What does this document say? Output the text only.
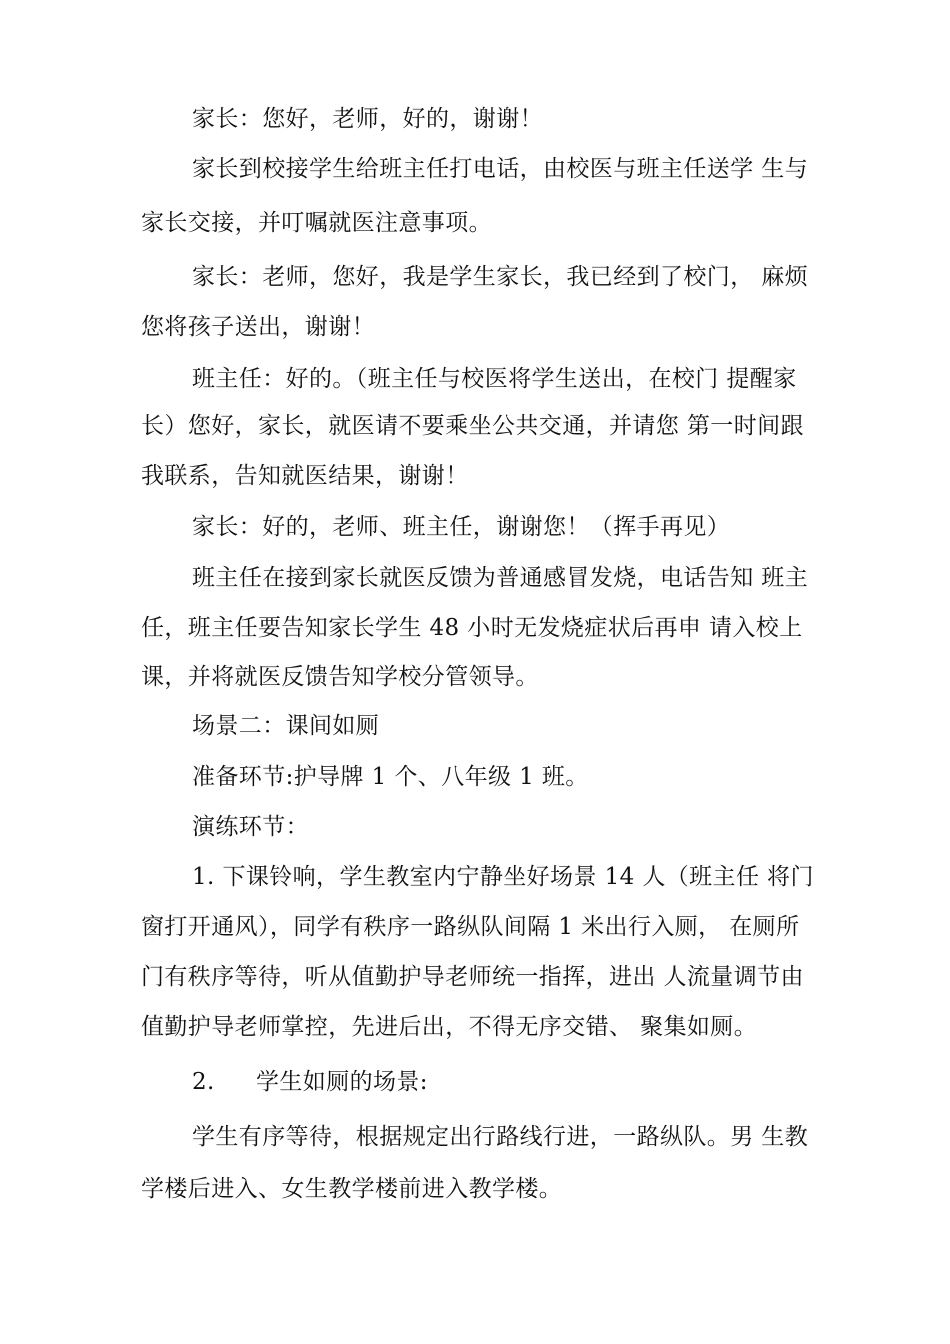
家长：您好，老师，好的，谢谢！
家长到校接学生给班主任打电话，由校医与班主任送学 生与
家长交接，并叮嘱就医注意事项。
家长：老师，您好，我是学生家长，我已经到了校门， 麻烦
您将孩子送出，谢谢！
班主任：好的。（班主任与校医将学生送出，在校门 提醒家
长）您好，家长，就医请不要乘坐公共交通，并请您 第一时间跟
我联系，告知就医结果，谢谢！
家长：好的，老师、班主任，谢谢您！（挥手再见）
班主任在接到家长就医反馈为普通感冒发烧，电话告知 班主
任，班主任要告知家长学生 48 小时无发烧症状后再申 请入校上
课，并将就医反馈告知学校分管领导。
场景二：课间如厕
准备环节:护导牌 1 个、八年级 1 班。
演练环节：
1. 下课铃响，学生教室内宁静坐好场景 14 人（班主任 将门
窗打开通风），同学有秩序一路纵队间隔 1 米出行入厕， 在厕所
门有秩序等待，听从值勤护导老师统一指挥，进出 人流量调节由
值勤护导老师掌控，先进后出，不得无序交错、 聚集如厕。
2. 学生如厕的场景:
学生有序等待，根据规定出行路线行进，一路纵队。男 生教
学楼后进入、女生教学楼前进入教学楼。
